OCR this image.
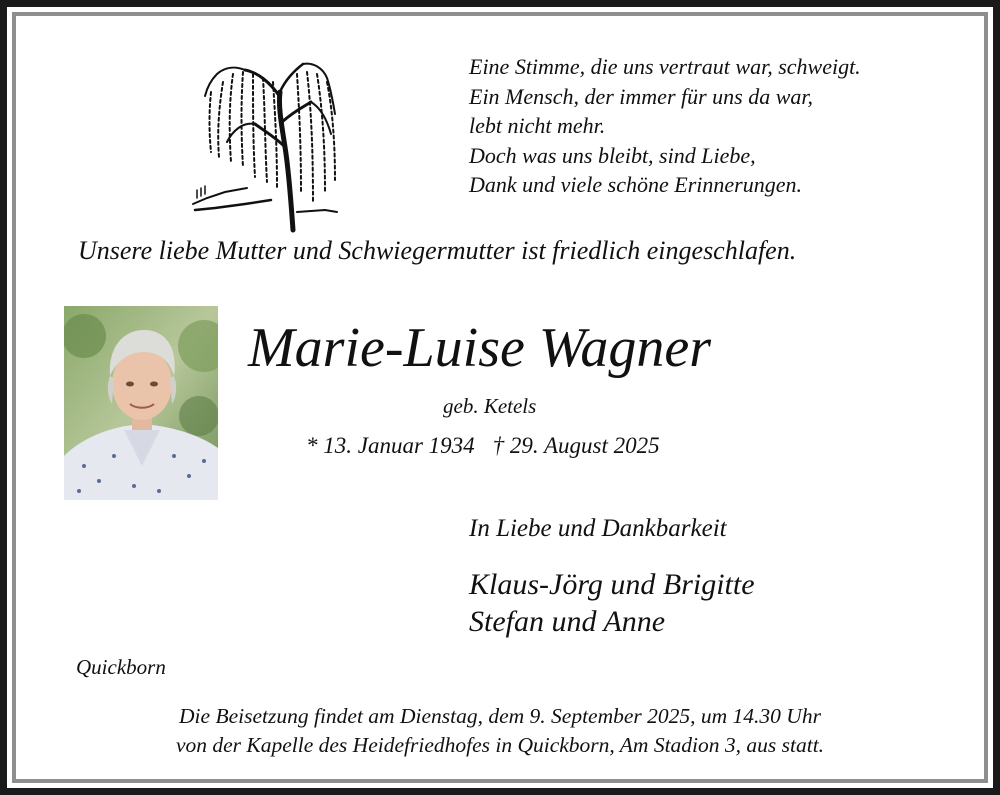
Eine Stimme, die uns vertraut war, schweigt.
Ein Mensch, der immer für uns da war,
lebt nicht mehr.
Doch was uns bleibt, sind Liebe,
Dank und viele schöne Erinnerungen.
Unsere liebe Mutter und Schwiegermutter ist friedlich eingeschlafen.
Marie-Luise Wagner
geb. Ketels
* 13. Januar 1934 † 29. August 2025
In Liebe und Dankbarkeit
Klaus-Jörg und Brigitte
Stefan und Anne
Quickborn
Die Beisetzung findet am Dienstag, dem 9. September 2025, um 14.30 Uhr
von der Kapelle des Heidefriedhofes in Quickborn, Am Stadion 3, aus statt.
